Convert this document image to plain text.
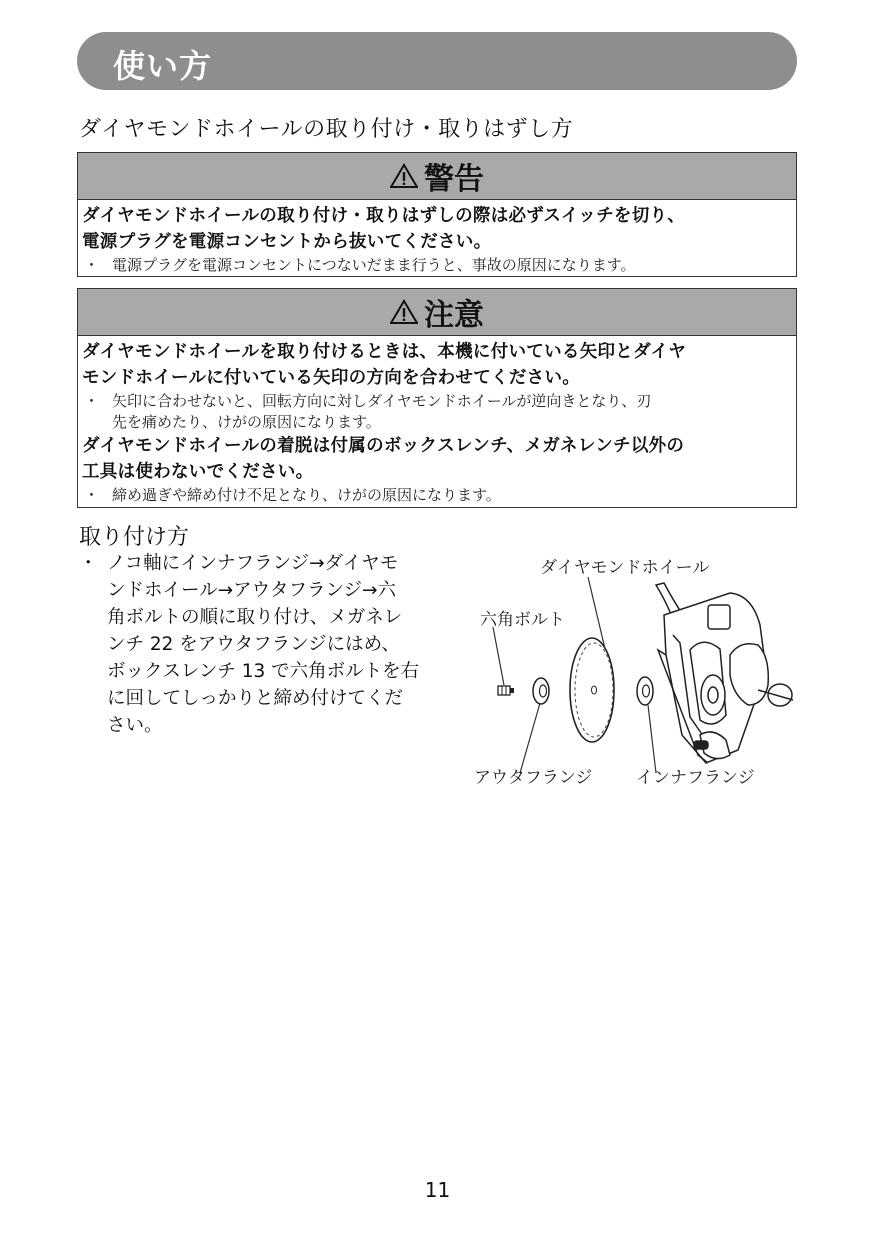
使い方
ダイヤモンドホイールの取り付け・取りはずし方
警告
ダイヤモンドホイールの取り付け・取りはずしの際は必ずスイッチを切り、
電源プラグを電源コンセントから抜いてください。
・ 電源プラグを電源コンセントにつないだまま行うと、事故の原因になります。
注意
ダイヤモンドホイールを取り付けるときは、本機に付いている矢印とダイヤ
モンドホイールに付いている矢印の方向を合わせてください。
・ 矢印に合わせないと、回転方向に対しダイヤモンドホイールが逆向きとなり、刃
先を痛めたり、けがの原因になります。
ダイヤモンドホイールの着脱は付属のボックスレンチ、メガネレンチ以外の
工具は使わないでください。
・ 締め過ぎや締め付け不足となり、けがの原因になります。
取り付け方
・ ノコ軸にインナフランジ→ダイヤモ
ンドホイール→アウタフランジ→六
角ボルトの順に取り付け、メガネレ
ンチ 22 をアウタフランジにはめ、
ボックスレンチ 13 で六角ボルトを右
に回してしっかりと締め付けてくだ
さい。
ダイヤモンドホイール
六角ボルト
アウタフランジ	インナフランジ
11
